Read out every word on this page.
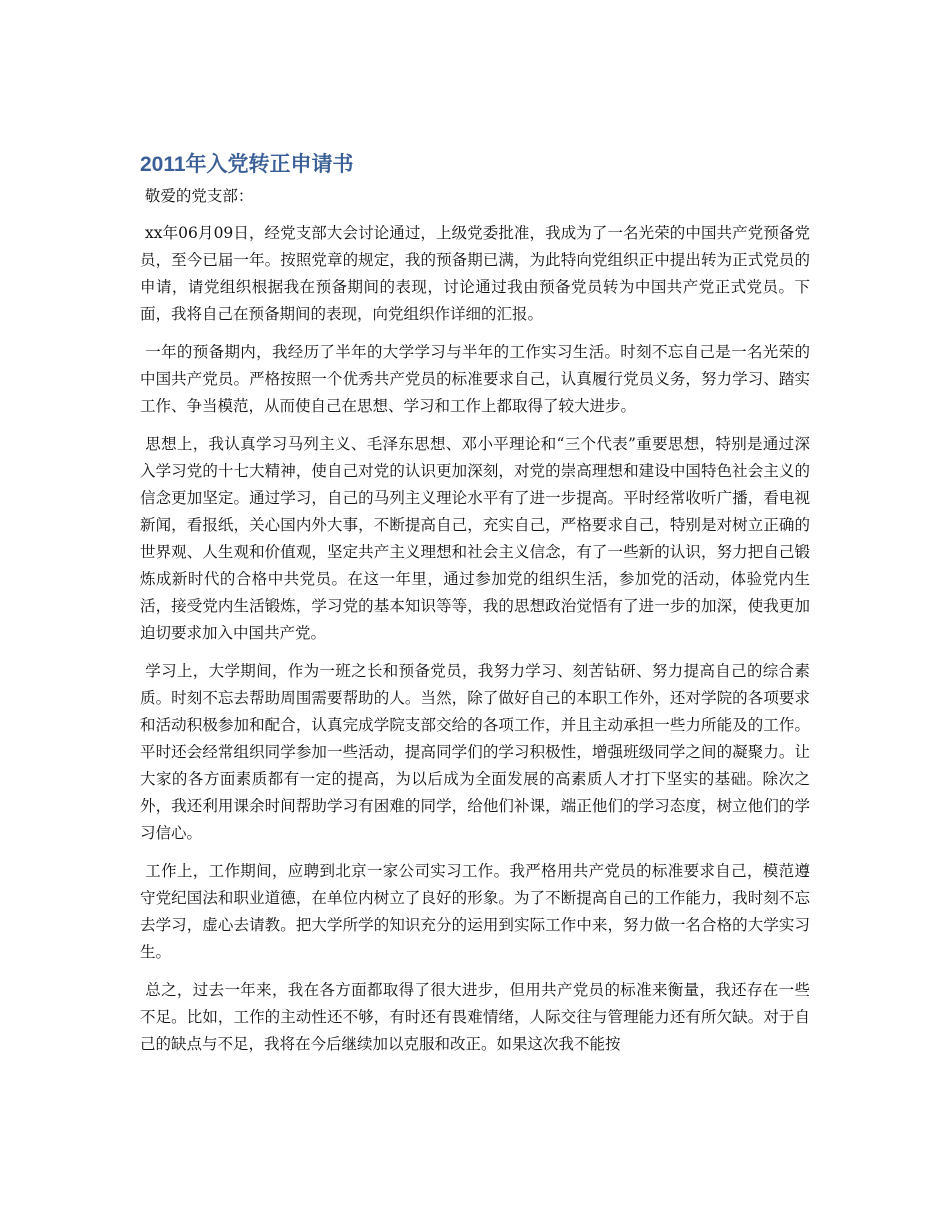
2011年入党转正申请书

敬爱的党支部：

xx年06月09日，经党支部大会讨论通过，上级党委批准，我成为了一名光荣的中国共产党预备党员，至今已届一年。按照党章的规定，我的预备期已满，为此特向党组织正中提出转为正式党员的申请，请党组织根据我在预备期间的表现，讨论通过我由预备党员转为中国共产党正式党员。下面，我将自己在预备期间的表现，向党组织作详细的汇报。

一年的预备期内，我经历了半年的大学学习与半年的工作实习生活。时刻不忘自己是一名光荣的中国共产党员。严格按照一个优秀共产党员的标准要求自己，认真履行党员义务，努力学习、踏实工作、争当模范，从而使自己在思想、学习和工作上都取得了较大进步。

思想上，我认真学习马列主义、毛泽东思想、邓小平理论和“三个代表”重要思想，特别是通过深入学习党的十七大精神，使自己对党的认识更加深刻，对党的崇高理想和建设中国特色社会主义的信念更加坚定。通过学习，自己的马列主义理论水平有了进一步提高。平时经常收听广播，看电视新闻，看报纸，关心国内外大事，不断提高自己，充实自己，严格要求自己，特别是对树立正确的世界观、人生观和价值观，坚定共产主义理想和社会主义信念，有了一些新的认识，努力把自己锻炼成新时代的合格中共党员。在这一年里，通过参加党的组织生活，参加党的活动，体验党内生活，接受党内生活锻炼，学习党的基本知识等等，我的思想政治觉悟有了进一步的加深，使我更加迫切要求加入中国共产党。

学习上，大学期间，作为一班之长和预备党员，我努力学习、刻苦钻研、努力提高自己的综合素质。时刻不忘去帮助周围需要帮助的人。当然，除了做好自己的本职工作外，还对学院的各项要求和活动积极参加和配合，认真完成学院支部交给的各项工作，并且主动承担一些力所能及的工作。平时还会经常组织同学参加一些活动，提高同学们的学习积极性，增强班级同学之间的凝聚力。让大家的各方面素质都有一定的提高，为以后成为全面发展的高素质人才打下坚实的基础。除次之外，我还利用课余时间帮助学习有困难的同学，给他们补课，端正他们的学习态度，树立他们的学习信心。

工作上，工作期间，应聘到北京一家公司实习工作。我严格用共产党员的标准要求自己，模范遵守党纪国法和职业道德，在单位内树立了良好的形象。为了不断提高自己的工作能力，我时刻不忘去学习，虚心去请教。把大学所学的知识充分的运用到实际工作中来，努力做一名合格的大学实习生。

总之，过去一年来，我在各方面都取得了很大进步，但用共产党员的标准来衡量，我还存在一些不足。比如，工作的主动性还不够，有时还有畏难情绪，人际交往与管理能力还有所欠缺。对于自己的缺点与不足，我将在今后继续加以克服和改正。如果这次我不能按
